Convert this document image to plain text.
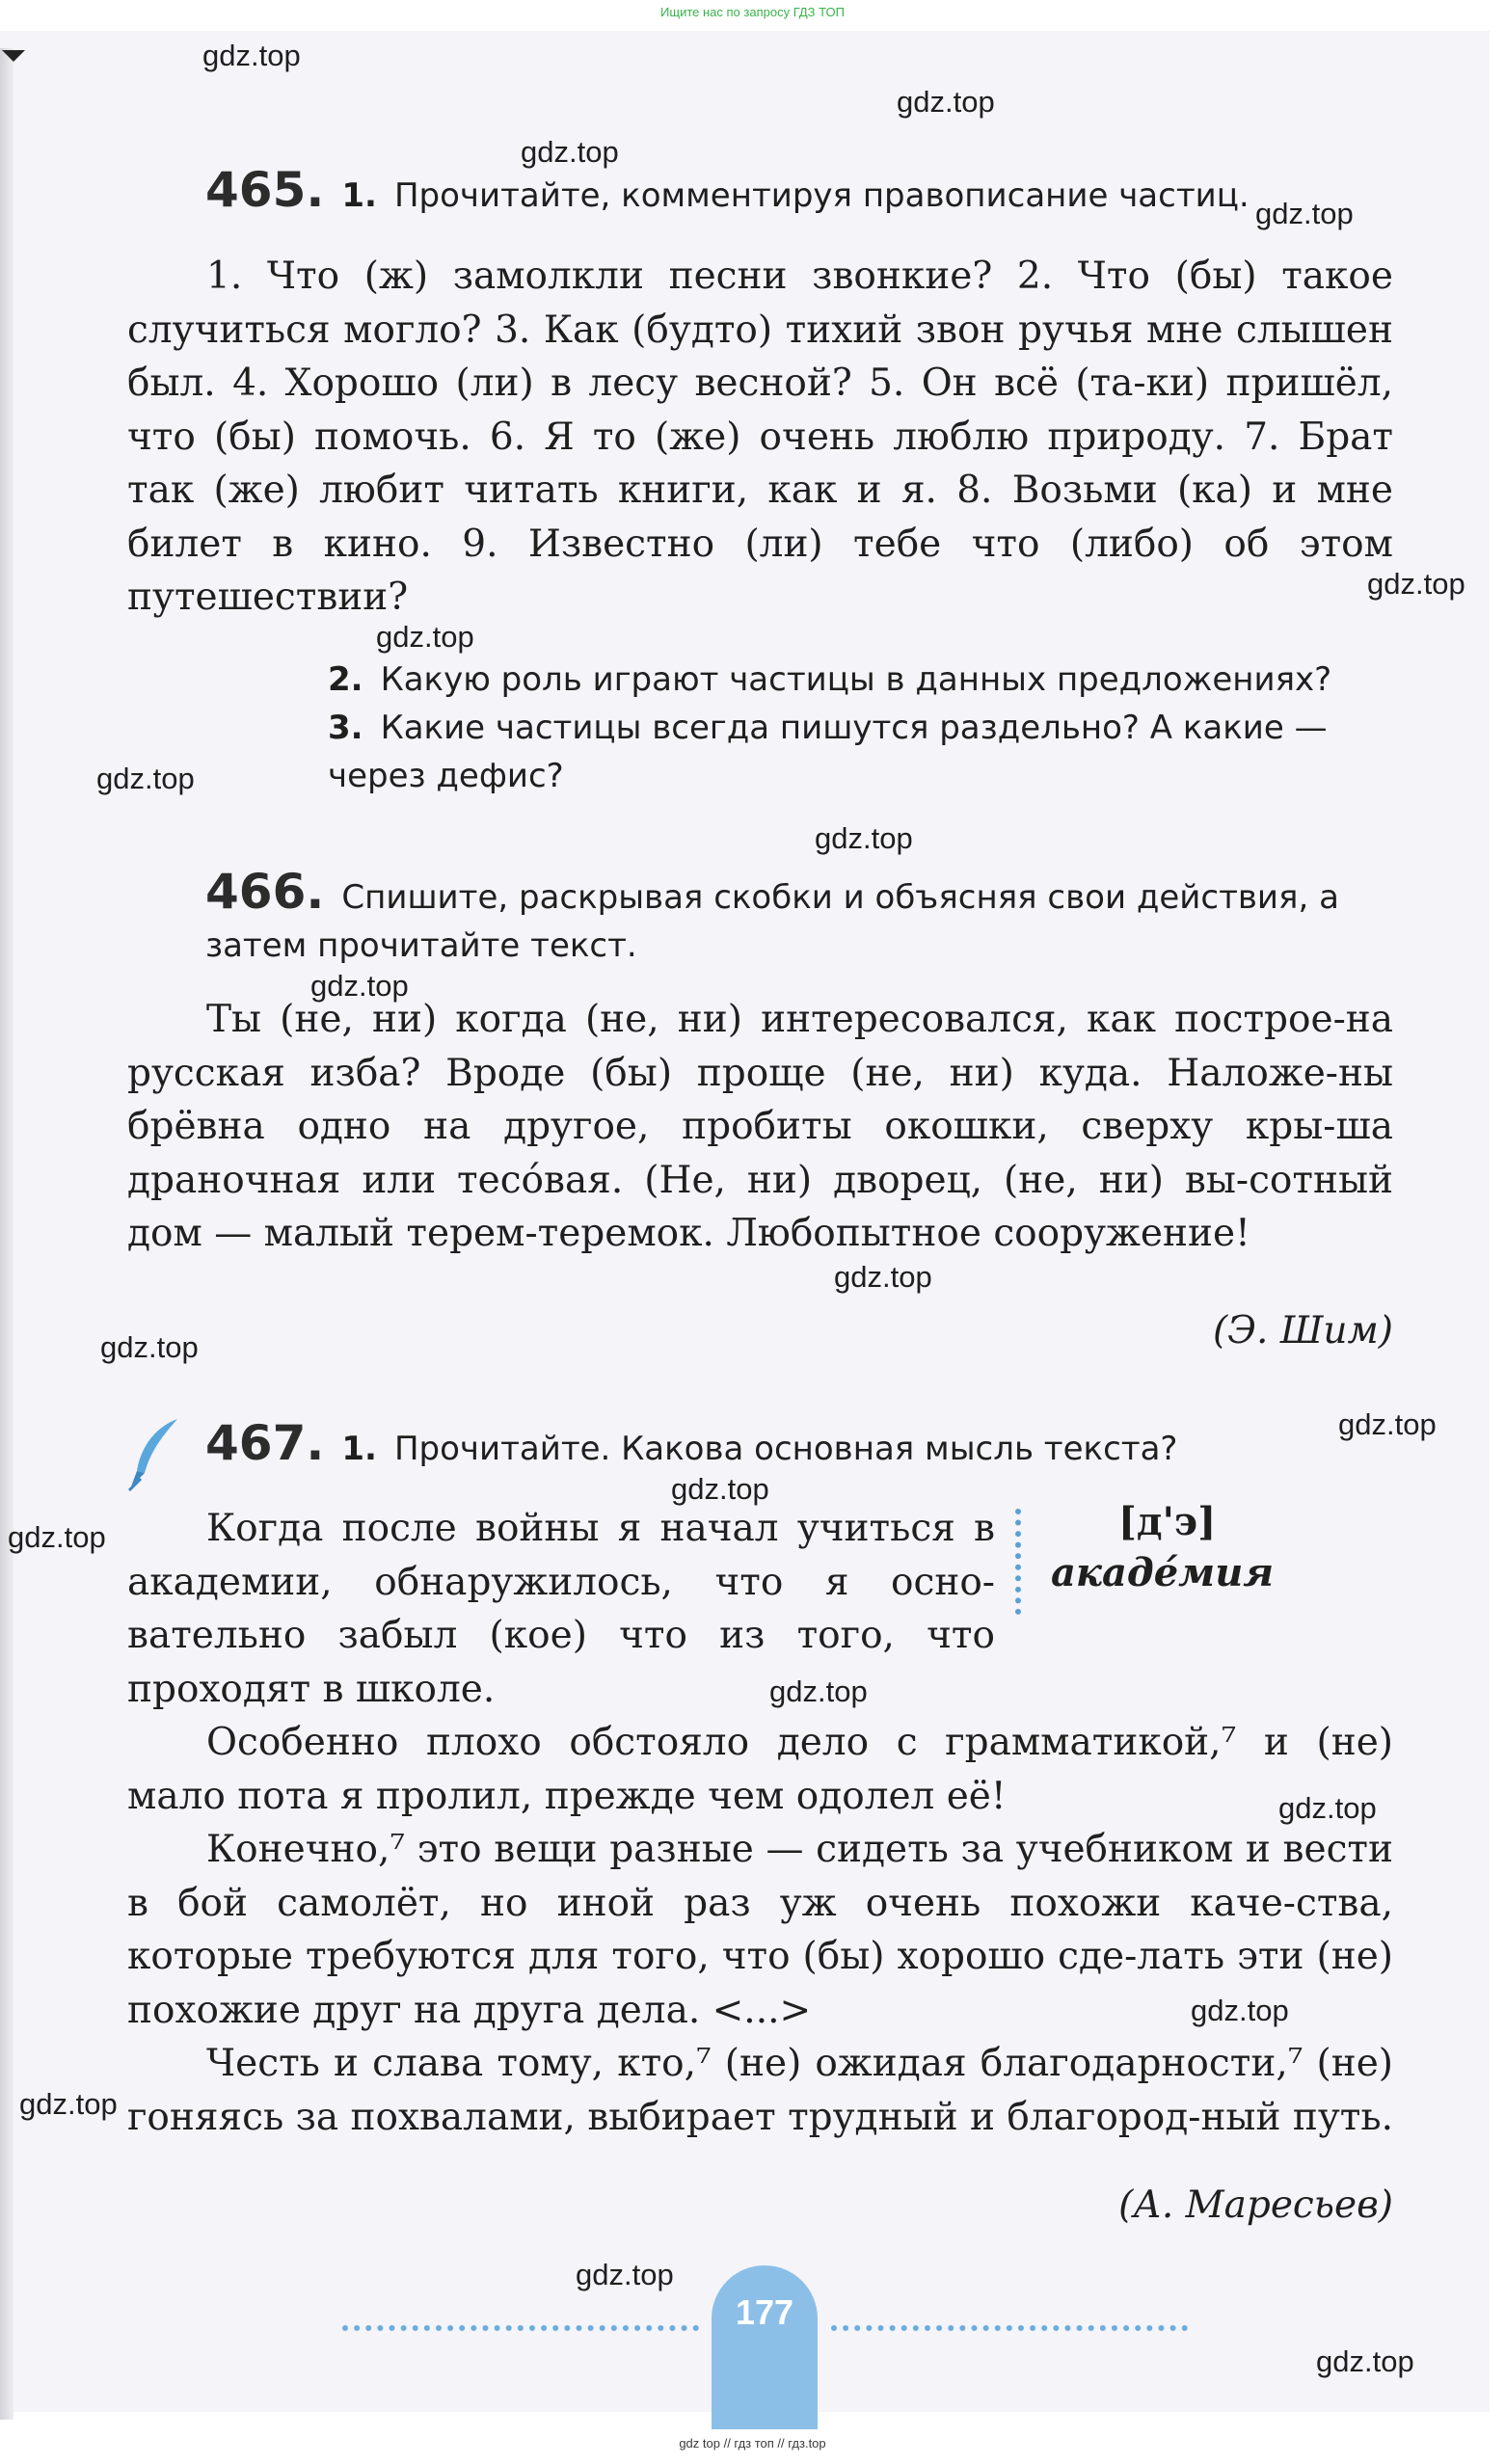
Ищите нас по запросу ГДЗ ТОП
gdz.top
gdz.top
gdz.top
gdz.top
gdz.top
gdz.top
gdz.top
gdz.top
gdz.top
gdz.top
gdz.top
gdz.top
gdz.top
gdz.top
gdz.top
gdz.top
gdz.top
gdz.top
gdz.top
gdz.top
465. 1. Прочитайте, комментируя правописание частиц.

1. Что (ж) замолкли песни звонкие? 2. Что (бы) такое случиться могло? 3. Как (будто) тихий звон ручья мне слышен был. 4. Хорошо (ли) в лесу весной? 5. Он всё (та-ки) пришёл, что (бы) помочь. 6. Я то (же) очень люблю природу. 7. Брат так (же) любит читать книги, как и я. 8. Возьми (ка) и мне билет в кино. 9. Известно (ли) тебе что (либо) об этом путешествии?

2. Какую роль играют частицы в данных предложениях?
3. Какие частицы всегда пишутся раздельно? А какие — через дефис?
466. Спишите, раскрывая скобки и объясняя свои действия, а затем прочитайте текст.

Ты (не, ни) когда (не, ни) интересовался, как построе-на русская изба? Вроде (бы) проще (не, ни) куда. Наложе-ны брёвна одно на другое, пробиты окошки, сверху кры-ша драночная или тесо́вая. (Не, ни) дворец, (не, ни) вы-сотный дом — малый терем-теремок. Любопытное сооружение!

(Э. Шим)
467. 1. Прочитайте. Какова основная мысль текста?

Когда после войны я начал учиться в академии, обнаружилось, что я осно-вательно забыл (кое) что из того, что проходят в школе.

[д'э]
акаде́мия

Особенно плохо обстояло дело с грамматикой,⁷ и (не) мало пота я пролил, прежде чем одолел её!

Конечно,⁷ это вещи разные — сидеть за учебником и вести в бой самолёт, но иной раз уж очень похожи каче-ства, которые требуются для того, что (бы) хорошо сде-лать эти (не) похожие друг на друга дела. <...>

Честь и слава тому, кто,⁷ (не) ожидая благодарности,⁷ (не) гоняясь за похвалами, выбирает трудный и благород-ный путь.

(А. Маресьев)
177
gdz top // гдз топ // гдз.top
